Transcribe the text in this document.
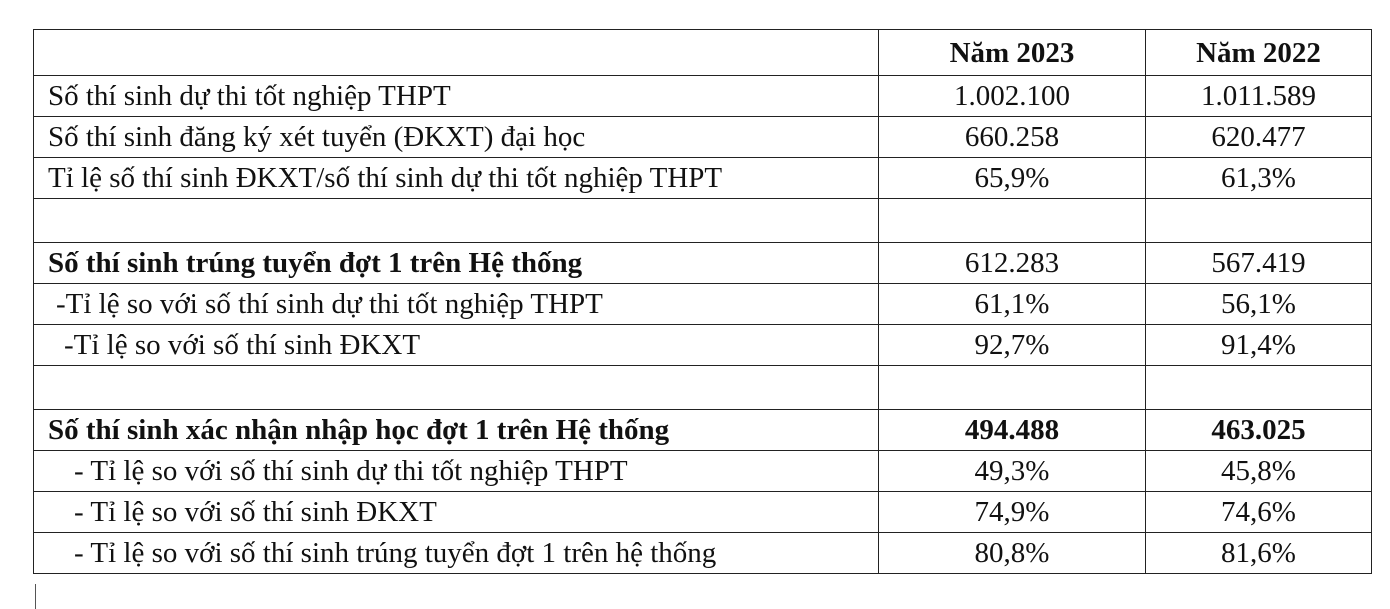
	Năm 2023	Năm 2022
Số thí sinh dự thi tốt nghiệp THPT	1.002.100	1.011.589
Số thí sinh đăng ký xét tuyển (ĐKXT) đại học	660.258	620.477
Tỉ lệ số thí sinh ĐKXT/số thí sinh dự thi tốt nghiệp THPT	65,9%	61,3%

Số thí sinh trúng tuyển đợt 1 trên Hệ thống	612.283	567.419
-Tỉ lệ so với số thí sinh dự thi tốt nghiệp THPT	61,1%	56,1%
-Tỉ lệ so với số thí sinh ĐKXT	92,7%	91,4%

Số thí sinh xác nhận nhập học đợt 1 trên Hệ thống	494.488	463.025
- Tỉ lệ so với số thí sinh dự thi tốt nghiệp THPT	49,3%	45,8%
- Tỉ lệ so với số thí sinh ĐKXT	74,9%	74,6%
- Tỉ lệ so với số thí sinh trúng tuyển đợt 1 trên hệ thống	80,8%	81,6%
